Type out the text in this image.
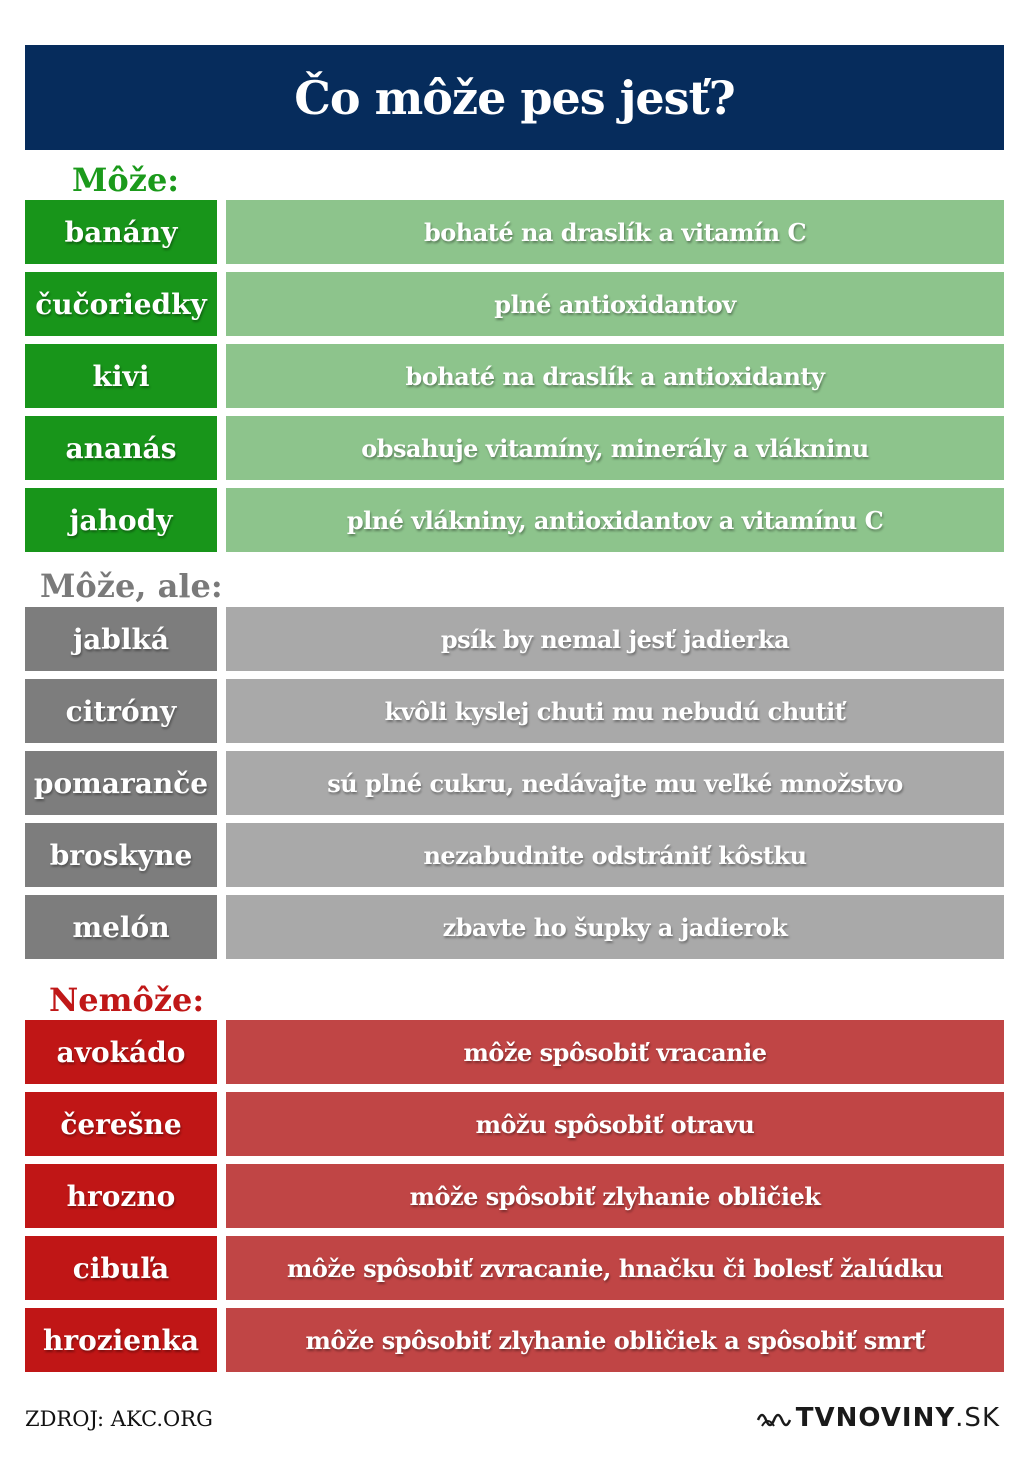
Čo môže pes jesť?
Môže:
banány	bohaté na draslík a vitamín C
čučoriedky	plné antioxidantov
kivi	bohaté na draslík a antioxidanty
ananás	obsahuje vitamíny, minerály a vlákninu
jahody	plné vlákniny, antioxidantov a vitamínu C
Môže, ale:
jablká	psík by nemal jesť jadierka
citróny	kvôli kyslej chuti mu nebudú chutiť
pomaranče	sú plné cukru, nedávajte mu veľké množstvo
broskyne	nezabudnite odstrániť kôstku
melón	zbavte ho šupky a jadierok
Nemôže:
avokádo	môže spôsobiť vracanie
čerešne	môžu spôsobiť otravu
hrozno	môže spôsobiť zlyhanie obličiek
cibuľa	môže spôsobiť zvracanie, hnačku či bolesť žalúdku
hrozienka	môže spôsobiť zlyhanie obličiek a spôsobiť smrť
ZDROJ: AKC.ORG	TVNOVINY .SK
